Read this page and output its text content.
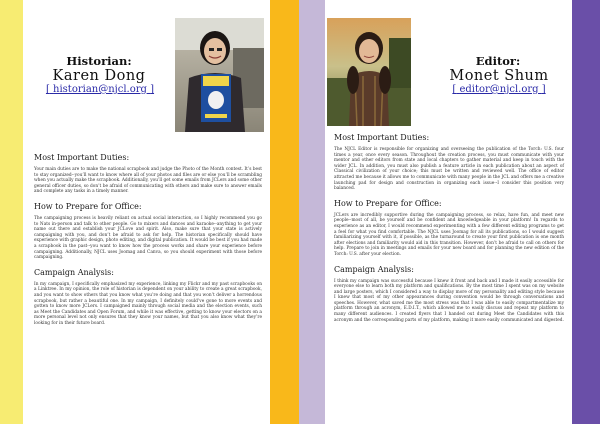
Historian:
Karen Dong
[ historian@njcl.org ]
Most Important Duties:
Your main duties are to make the national scrapbook and judge the Photo of the Month contest. It’s best to stay organized--you’ll want to know where all of your photos and files are or else you’ll be scrambling when you actually make the scrapbook. Additionally, you’ll get some emails from JCLers and some other general officer duties, so don’t be afraid of communicating with others and make sure to answer emails and complete any tasks in a timely manner.
How to Prepare for Office:
The campaigning process is heavily reliant on actual social interaction, so I highly recommend you go to Nats in-person and talk to other people. Go to mixers and dances and karaoke--anything to get your name out there and establish your JCLove and spirit. Also, make sure that your state is actively campaigning with you, and don’t be afraid to ask for help. The historian specifically should have experience with graphic design, photo editing, and digital publication. It would be best if you had made a scrapbook in the past--you want to know how the process works and share your experience before campaigning. Additionally, NJCL uses Joomag and Canva, so you should experiment with those before campaigning.
Campaign Analysis:
In my campaign, I specifically emphasized my experience, linking my Flickr and my past scrapbooks on a Linktree. In my opinion, the role of historian is dependent on your ability to create a great scrapbook, and you want to show others that you know what you’re doing and that you won’t deliver a horrendous scrapbook, but rather a beautiful one. In my campaign, I definitely could’ve gone to more events and gotten to know more JCLers. I campaigned mainly through social media and the election events, such as Meet the Candidates and Open Forum, and while it was effective, getting to know your electors on a more personal level not only ensures that they know your names, but that you also know what they’re looking for in their future board.
Editor:
Monet Shum
[ editor@njcl.org ]
Most Important Duties:
The NJCL Editor is responsible for organizing and overseeing the publication of the Torch: U.S. four times a year, once every season. Throughout the creation process, you must communicate with your mentor and other editors from state and local chapters to gather material and keep in touch with the wider JCL. In addition, you must also publish a feature article in each publication about an aspect of Classical civilization of your choice; this must be written and reviewed well. The office of editor attracted me because it allows me to communicate with many people in the JCL and offers me a creative launching pad for design and construction in organizing each issue--I consider this position very balanced.
How to Prepare for Office:
JCLers are incredibly supportive during the campaigning process, so relax, have fun, and meet new people--most of all, be yourself and be confident and knowledgeable in your platform! In regards to experience as an editor, I would recommend experimenting with a few different editing programs to get a feel for what you find comfortable. The NJCL uses Joomag for all its publications, so I would suggest familiarizing yourself with it, if possible, as the turnaround to create your first publication is one month after elections and familiarity would aid in this transition. However, don’t be afraid to call on others for help. Prepare to join in meetings and emails for your new board and for planning the new edition of the Torch: U.S. after your election.
Campaign Analysis:
I think my campaign was successful because I knew it front and back and I made it easily accessible for everyone else to learn both my platform and qualifications. By the most time I spent was on my website and large posters, which I considered a way to display more of my personality and editing style because I knew that most of my other appearances during convention would be through conversations and speeches. However, what saved me the most stress was that I was able to easily compartmentalize my platform through an acronym, E.D.I.T., which allowed me to easily discuss and repeat my platform to many different audiences. I created flyers that I handed out during Meet the Candidates with this acronym and the corresponding parts of my platform, making it more easily communicated and digested.
